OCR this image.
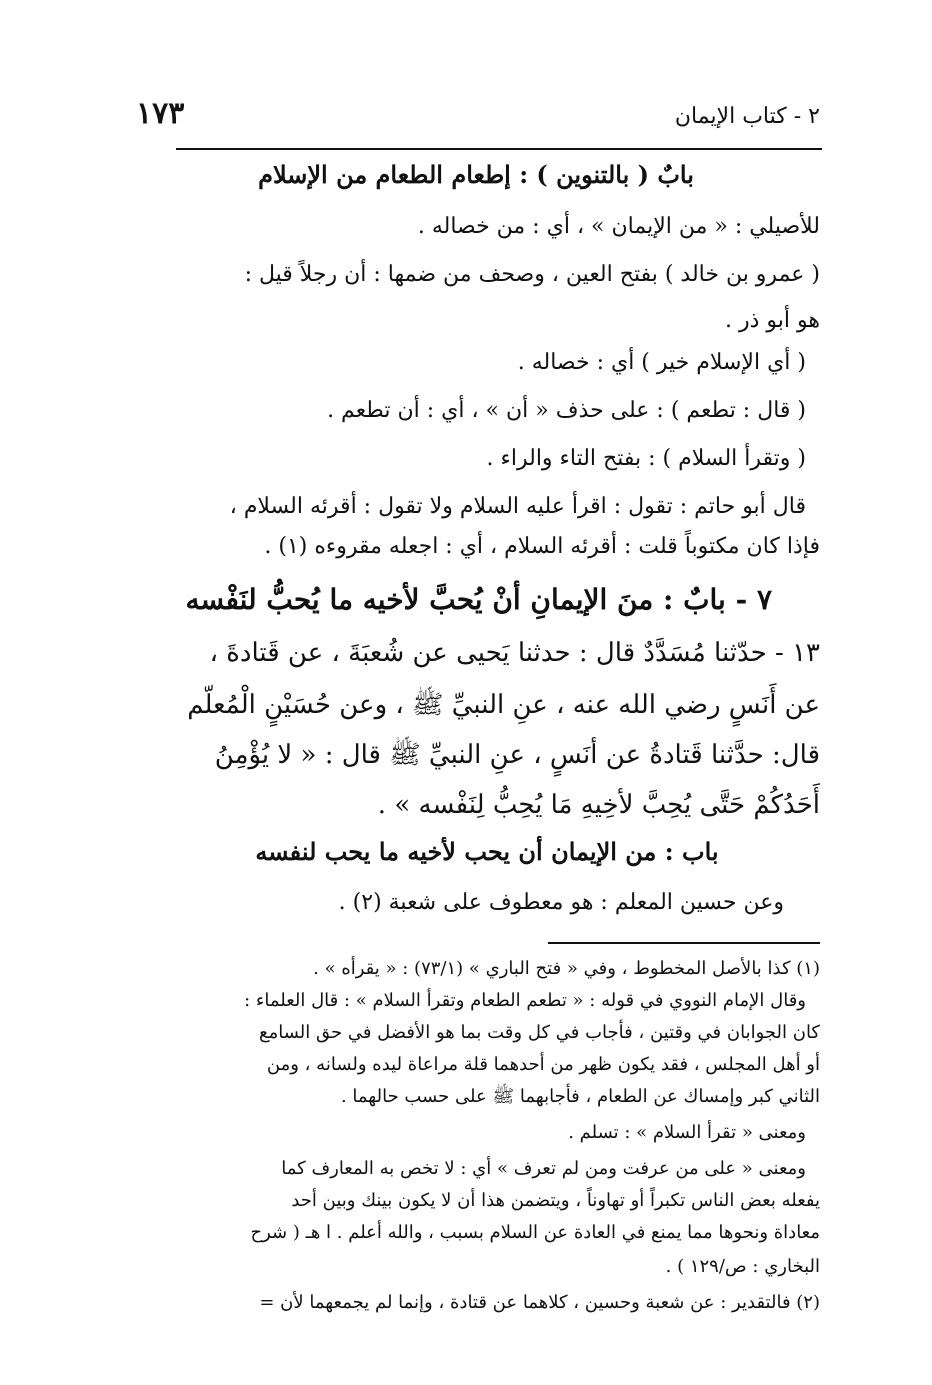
١٧٣	٢ - كتاب الإيمان
بابٌ ( بالتنوين ) : إطعام الطعام من الإسلام
للأصيلي : « من الإيمان » ، أي : من خصاله .
( عمرو بن خالد ) بفتح العين ، وصحف من ضمها : أن رجلاً قيل :
هو أبو ذر .
( أي الإسلام خير ) أي : خصاله .
( قال : تطعم ) : على حذف « أن » ، أي : أن تطعم .
( وتقرأ السلام ) : بفتح التاء والراء .
قال أبو حاتم : تقول : اقرأ عليه السلام ولا تقول : أقرئه السلام ،
فإذا كان مكتوباً قلت : أقرئه السلام ، أي : اجعله مقروءه (١) .
٧ - بابٌ : منَ الإيمانِ أنْ يُحبَّ لأخيه ما يُحبُّ لنَفْسه
١٣ - حدّثنا مُسَدَّدٌ قال : حدثنا يَحيى عن شُعبَةَ ، عن قَتادةَ ،
عن أَنَسٍ رضي الله عنه ، عنِ النبيِّ ﷺ ، وعن حُسَيْنٍ الْمُعلّم
قال: حدَّثنا قَتادةُ عن أنَسٍ ، عنِ النبيِّ ﷺ قال : « لا يُؤْمِنُ
أَحَدُكُمْ حَتَّى يُحِبَّ لأخِيهِ مَا يُحِبُّ لِنَفْسه » .
باب : من الإيمان أن يحب لأخيه ما يحب لنفسه
وعن حسين المعلم : هو معطوف على شعبة (٢) .
(١) كذا بالأصل المخطوط ، وفي « فتح الباري » (٧٣/١) : « يقرأه » .
وقال الإمام النووي في قوله : « تطعم الطعام وتقرأ السلام » : قال العلماء :
كان الجوابان في وقتين ، فأجاب في كل وقت بما هو الأفضل في حق السامع
أو أهل المجلس ، فقد يكون ظهر من أحدهما قلة مراعاة ليده ولسانه ، ومن
الثاني كبر وإمساك عن الطعام ، فأجابهما ﷺ على حسب حالهما .
ومعنى « تقرأ السلام » : تسلم .
ومعنى « على من عرفت ومن لم تعرف » أي : لا تخص به المعارف كما
يفعله بعض الناس تكبراً أو تهاوناً ، ويتضمن هذا أن لا يكون بينك وبين أحد
معاداة ونحوها مما يمنع في العادة عن السلام بسبب ، والله أعلم . ا هـ ( شرح
البخاري : ص/١٢٩ ) .
(٢) فالتقدير : عن شعبة وحسين ، كلاهما عن قتادة ، وإنما لم يجمعهما لأن =
